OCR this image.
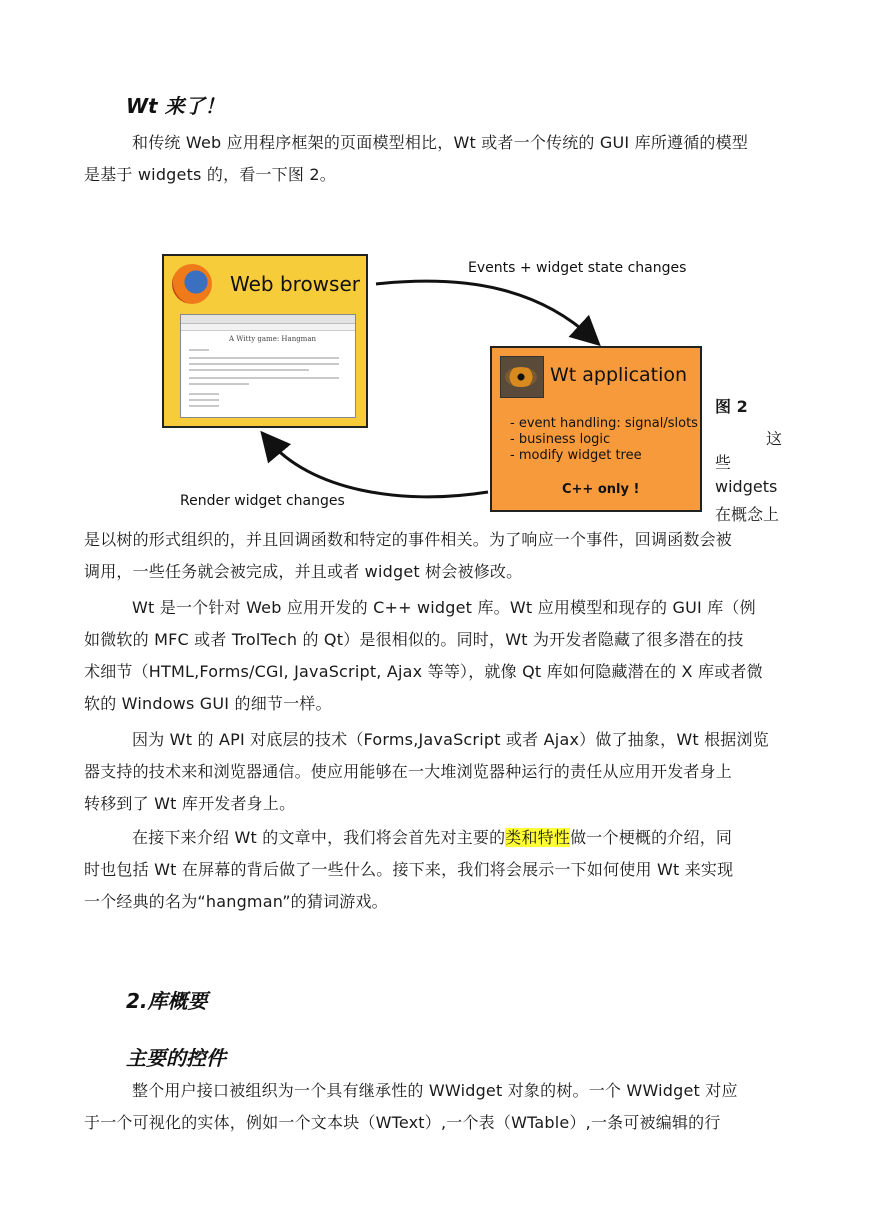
Wt 来了！
和传统 Web 应用程序框架的页面模型相比，Wt 或者一个传统的 GUI 库所遵循的模型
是基于 widgets 的，看一下图 2。
Web browser
A Witty game: Hangman
Events + widget state changes
Wt application
- event handling: signal/slots
- business logic
- modify widget tree
C++ only !
Render widget changes
图 2
这
些
widgets
在概念上
是以树的形式组织的，并且回调函数和特定的事件相关。为了响应一个事件，回调函数会被
调用，一些任务就会被完成，并且或者 widget 树会被修改。
Wt 是一个针对 Web 应用开发的 C++ widget 库。Wt 应用模型和现存的 GUI 库（例
如微软的 MFC 或者 TrolTech 的 Qt）是很相似的。同时，Wt 为开发者隐藏了很多潜在的技
术细节（HTML,Forms/CGI, JavaScript, Ajax 等等），就像 Qt 库如何隐藏潜在的 X 库或者微
软的 Windows GUI 的细节一样。
因为 Wt 的 API 对底层的技术（Forms,JavaScript 或者 Ajax）做了抽象，Wt 根据浏览
器支持的技术来和浏览器通信。使应用能够在一大堆浏览器种运行的责任从应用开发者身上
转移到了 Wt 库开发者身上。
在接下来介绍 Wt 的文章中，我们将会首先对主要的类和特性做一个梗概的介绍，同
时也包括 Wt 在屏幕的背后做了一些什么。接下来，我们将会展示一下如何使用 Wt 来实现
一个经典的名为“hangman”的猜词游戏。
2.库概要
主要的控件
整个用户接口被组织为一个具有继承性的 WWidget 对象的树。一个 WWidget 对应
于一个可视化的实体，例如一个文本块（WText）,一个表（WTable）,一条可被编辑的行
